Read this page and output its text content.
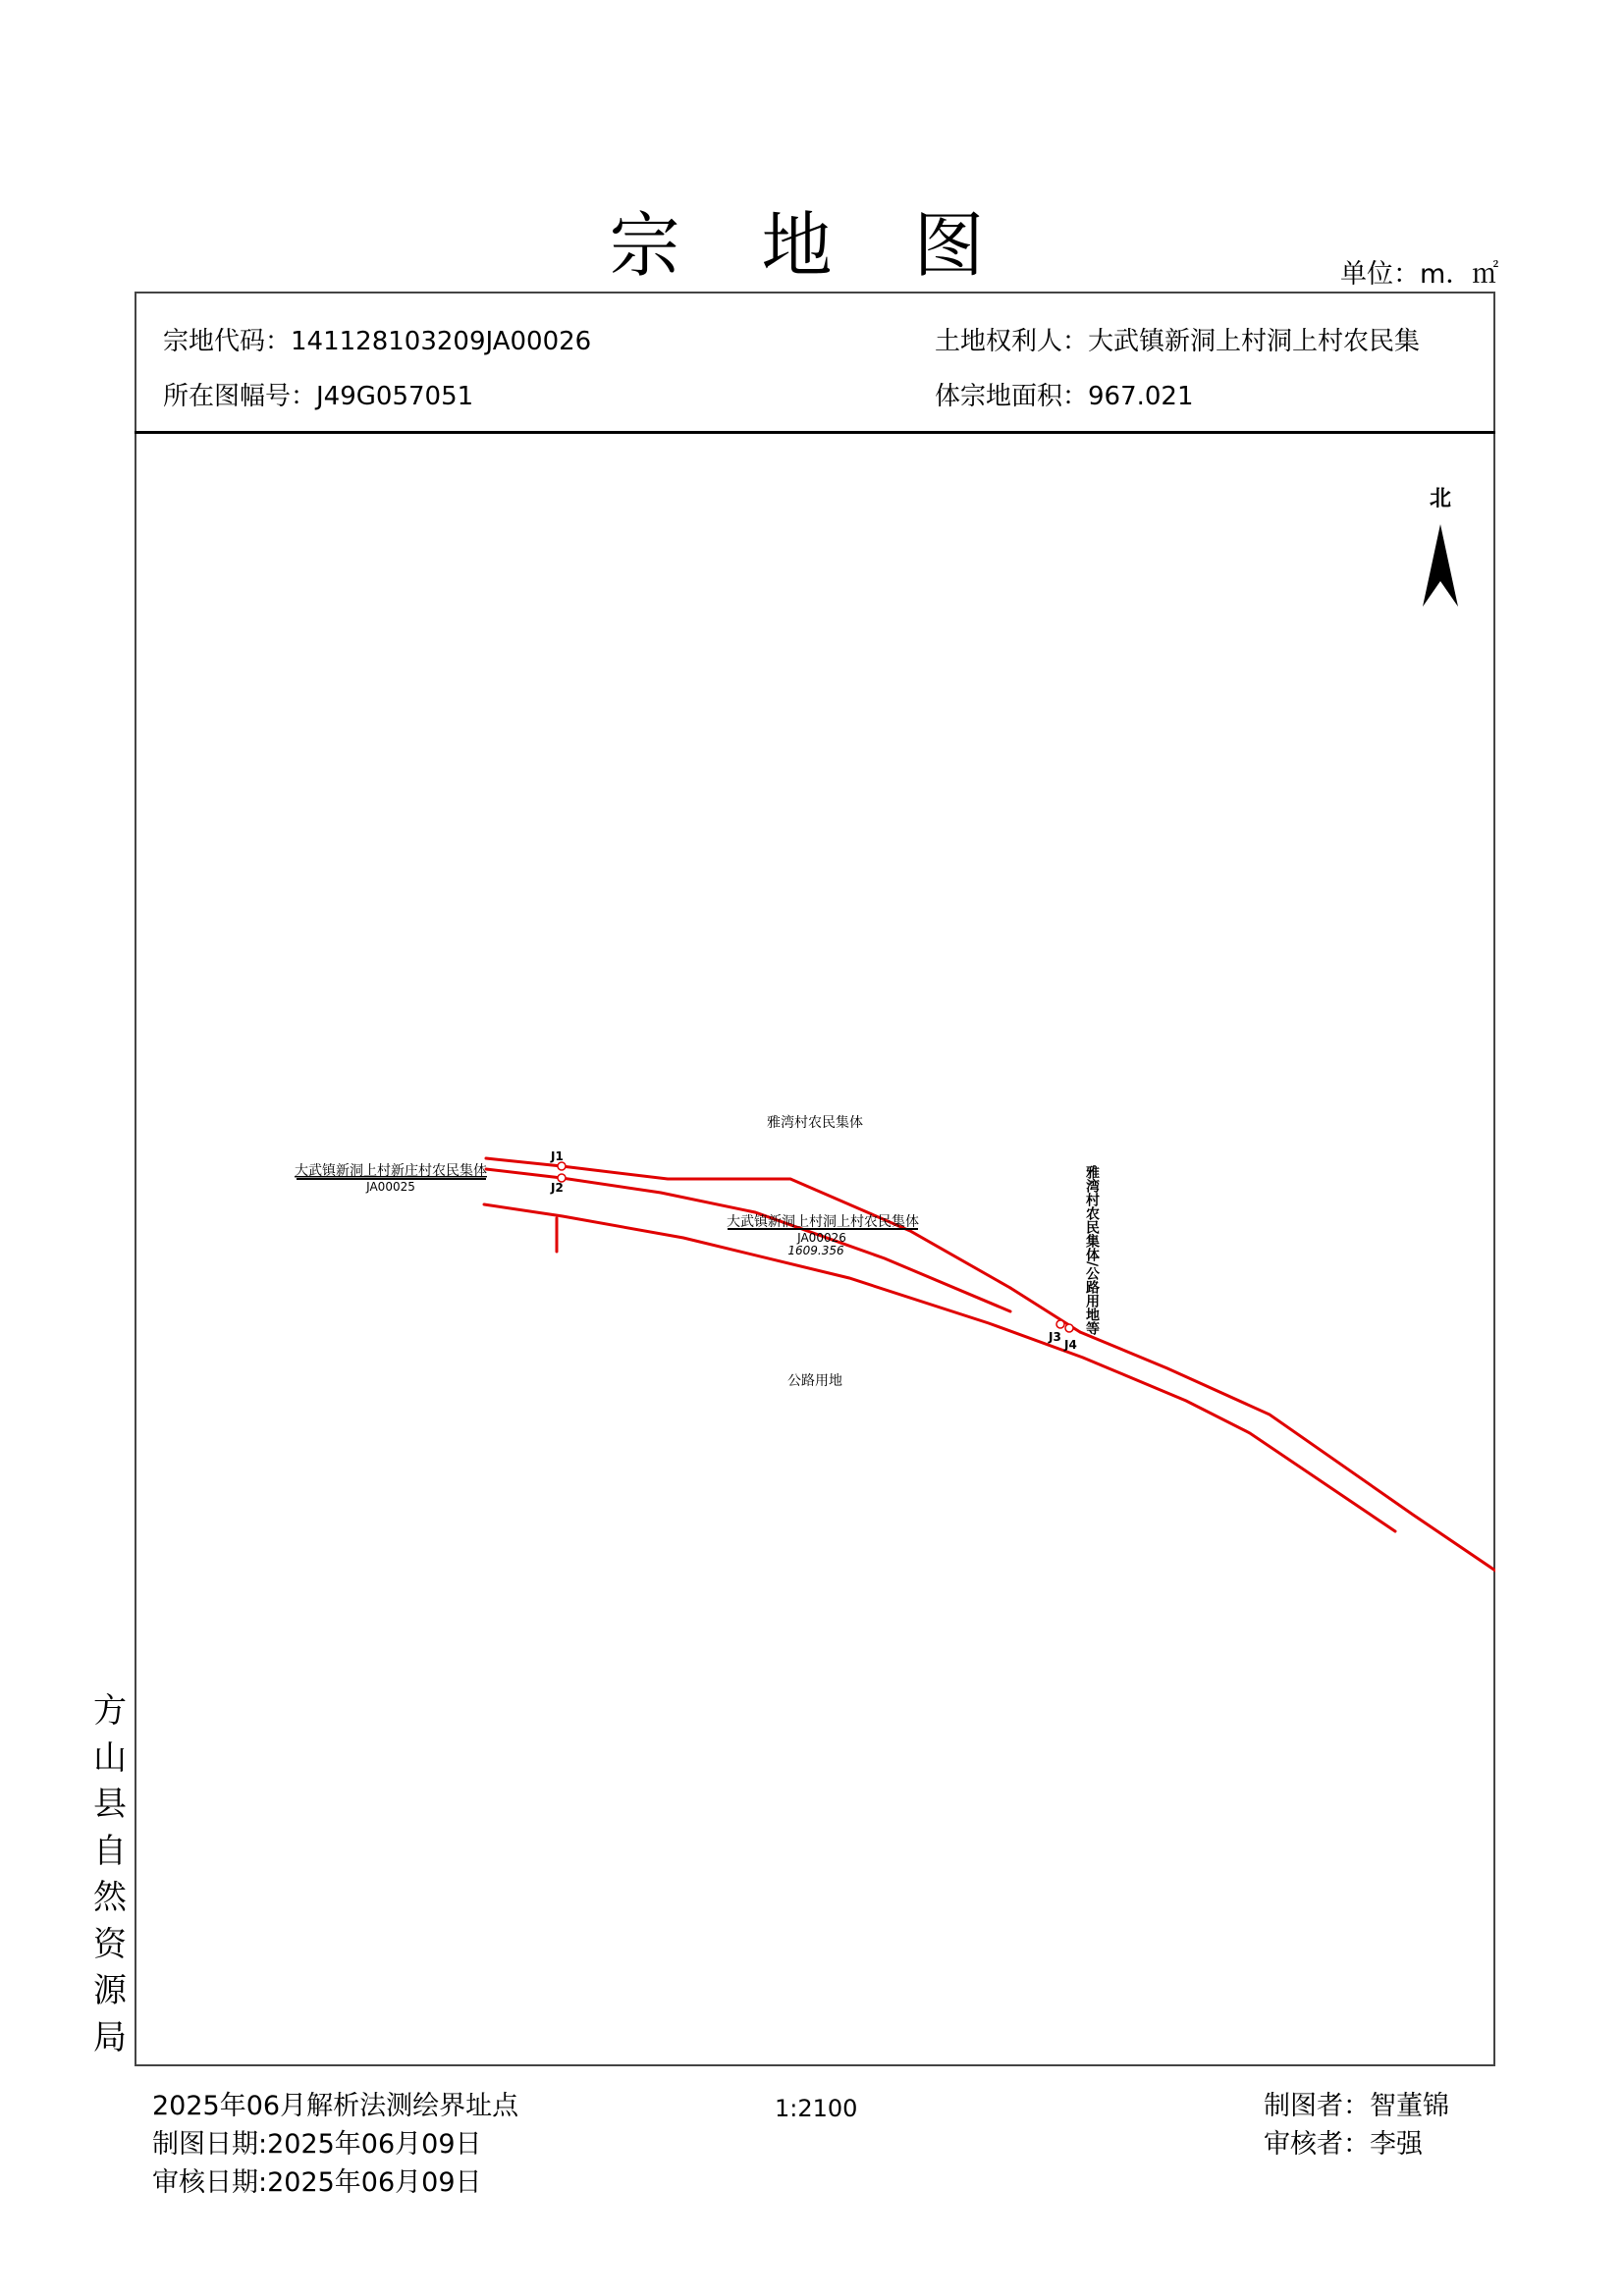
宗 地 图	单位：m．㎡
宗地代码：141128103209JA00026	土地权利人：大武镇新洞上村洞上村农民集
所在图幅号：J49G057051	体宗地面积：967.021
北
J1
J2
J3
J4
雅湾村农民集体
大武镇新洞上村新庄村农民集体
JA00025
大武镇新洞上村洞上村农民集体
JA00026
1609.356
公路用地
雅湾村农民集体/公路用地等
2025年06月解析法测绘界址点
制图日期:2025年06月09日
审核日期:2025年06月09日
1:2100	制图者：智董锦
审核者：李强
方
山
县
自
然
资
源
局
